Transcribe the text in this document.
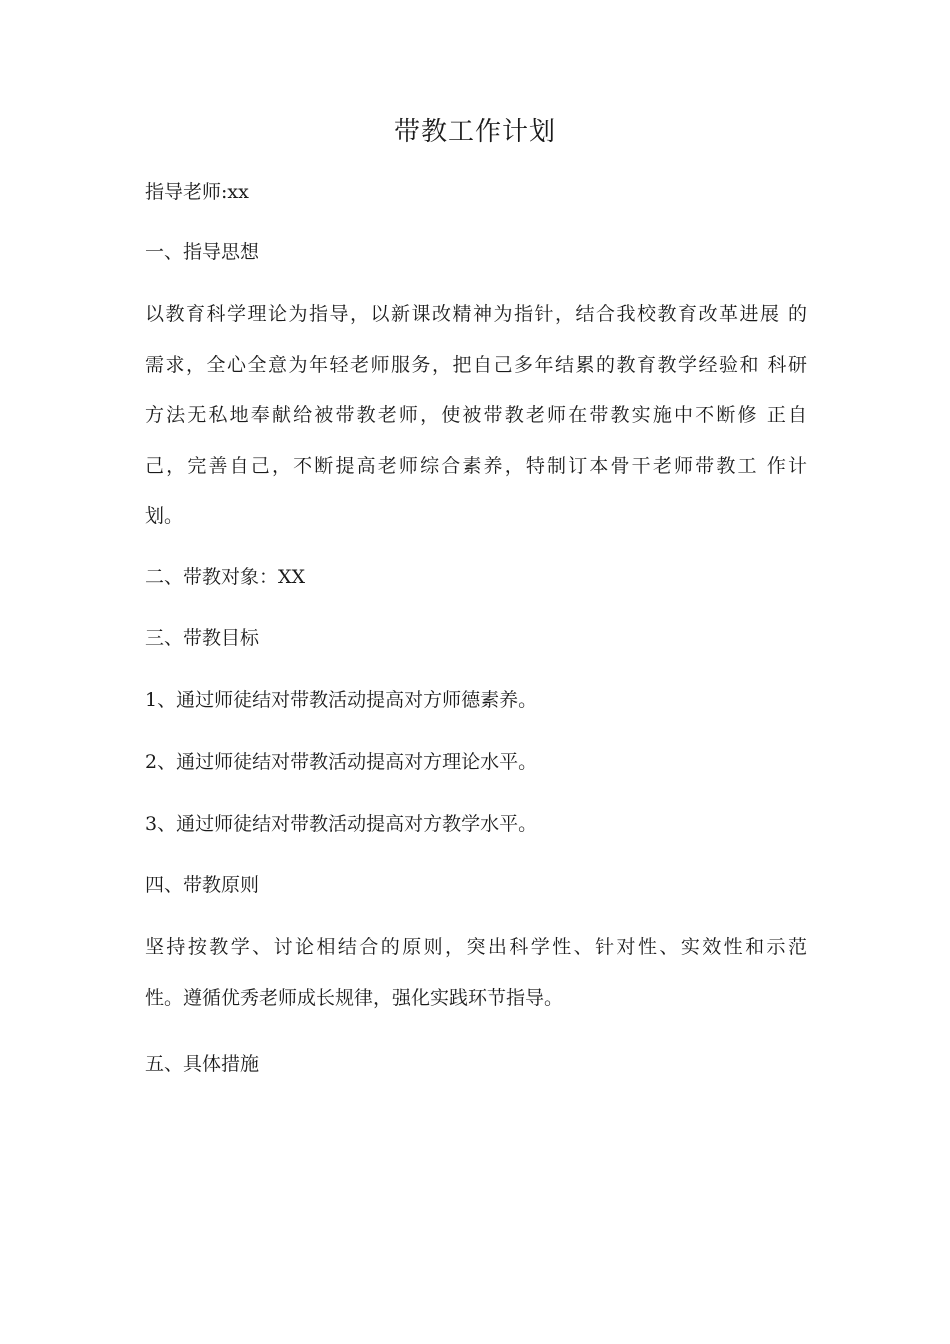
带教工作计划

指导老师:xx

一、指导思想

以教育科学理论为指导，以新课改精神为指针，结合我校教育改革进展 的
需求，全心全意为年轻老师服务，把自己多年结累的教育教学经验和 科研
方法无私地奉献给被带教老师，使被带教老师在带教实施中不断修 正自
己，完善自己，不断提高老师综合素养，特制订本骨干老师带教工 作计
划。

二、带教对象：XX

三、带教目标

1、通过师徒结对带教活动提高对方师德素养。

2、通过师徒结对带教活动提高对方理论水平。

3、通过师徒结对带教活动提高对方教学水平。

四、带教原则

坚持按教学、讨论相结合的原则，突出科学性、针对性、实效性和示范
性。遵循优秀老师成长规律，强化实践环节指导。

五、具体措施
